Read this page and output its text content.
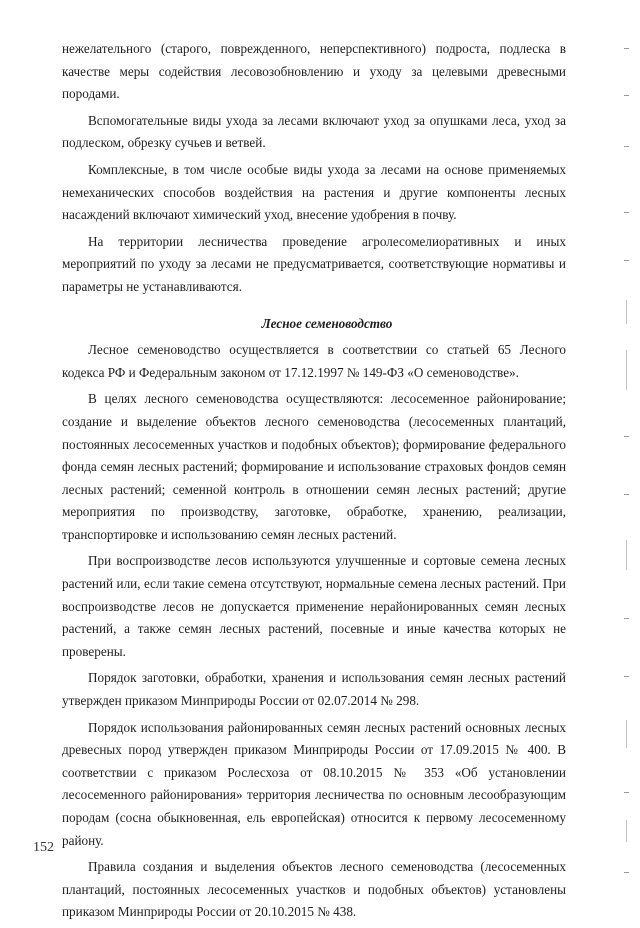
нежелательного (старого, поврежденного, неперспективного) подроста, подлеска в качестве меры содействия лесовозобновлению и уходу за целевыми древесными породами.

Вспомогательные виды ухода за лесами включают уход за опушками леса, уход за подлеском, обрезку сучьев и ветвей.

Комплексные, в том числе особые виды ухода за лесами на основе применяемых немеханических способов воздействия на растения и другие компоненты лесных насаждений включают химический уход, внесение удобрения в почву.

На территории лесничества проведение агролесомелиоративных и иных мероприятий по уходу за лесами не предусматривается, соответствующие нормативы и параметры не устанавливаются.

Лесное семеноводство

Лесное семеноводство осуществляется в соответствии со статьей 65 Лесного кодекса РФ и Федеральным законом от 17.12.1997 № 149-ФЗ «О семеноводстве».

В целях лесного семеноводства осуществляются: лесосеменное районирование; создание и выделение объектов лесного семеноводства (лесосеменных плантаций, постоянных лесосеменных участков и подобных объектов); формирование федерального фонда семян лесных растений; формирование и использование страховых фондов семян лесных растений; семенной контроль в отношении семян лесных растений; другие мероприятия по производству, заготовке, обработке, хранению, реализации, транспортировке и использованию семян лесных растений.

При воспроизводстве лесов используются улучшенные и сортовые семена лесных растений или, если такие семена отсутствуют, нормальные семена лесных растений. При воспроизводстве лесов не допускается применение нерайонированных семян лесных растений, а также семян лесных растений, посевные и иные качества которых не проверены.

Порядок заготовки, обработки, хранения и использования семян лесных растений утвержден приказом Минприроды России от 02.07.2014 № 298.

Порядок использования районированных семян лесных растений основных лесных древесных пород утвержден приказом Минприроды России от 17.09.2015 № 400. В соответствии с приказом Рослесхоза от 08.10.2015 № 353 «Об установлении лесосеменного районирования» территория лесничества по основным лесообразующим породам (сосна обыкновенная, ель европейская) относится к первому лесосеменному району.

Правила создания и выделения объектов лесного семеноводства (лесосеменных плантаций, постоянных лесосеменных участков и подобных объектов) установлены приказом Минприроды России от 20.10.2015 № 438.

152
